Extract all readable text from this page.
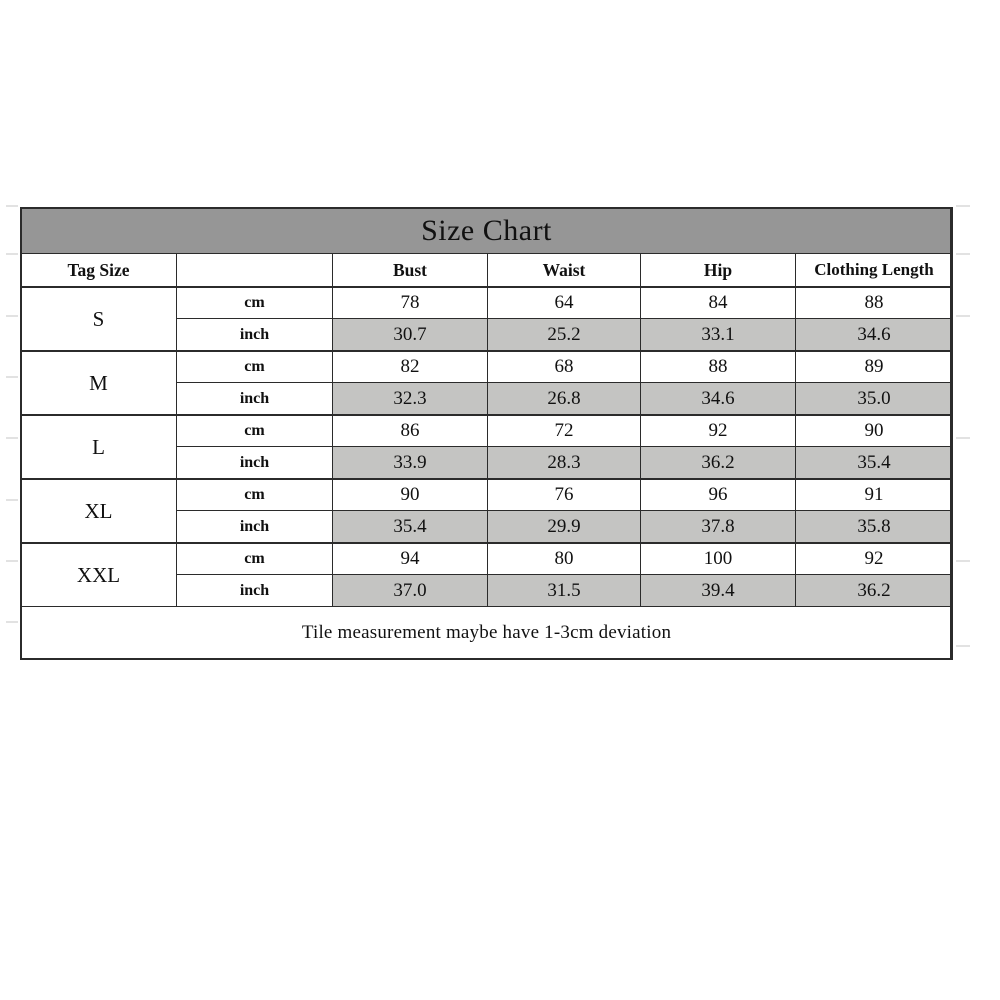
Size Chart					
Tag Size		Bust	Waist	Hip	Clothing Length
S	cm	78	64	84	88
	inch	30.7	25.2	33.1	34.6
M	cm	82	68	88	89
	inch	32.3	26.8	34.6	35.0
L	cm	86	72	92	90
	inch	33.9	28.3	36.2	35.4
XL	cm	90	76	96	91
	inch	35.4	29.9	37.8	35.8
XXL	cm	94	80	100	92
	inch	37.0	31.5	39.4	36.2
Tile measurement maybe have 1-3cm deviation					
